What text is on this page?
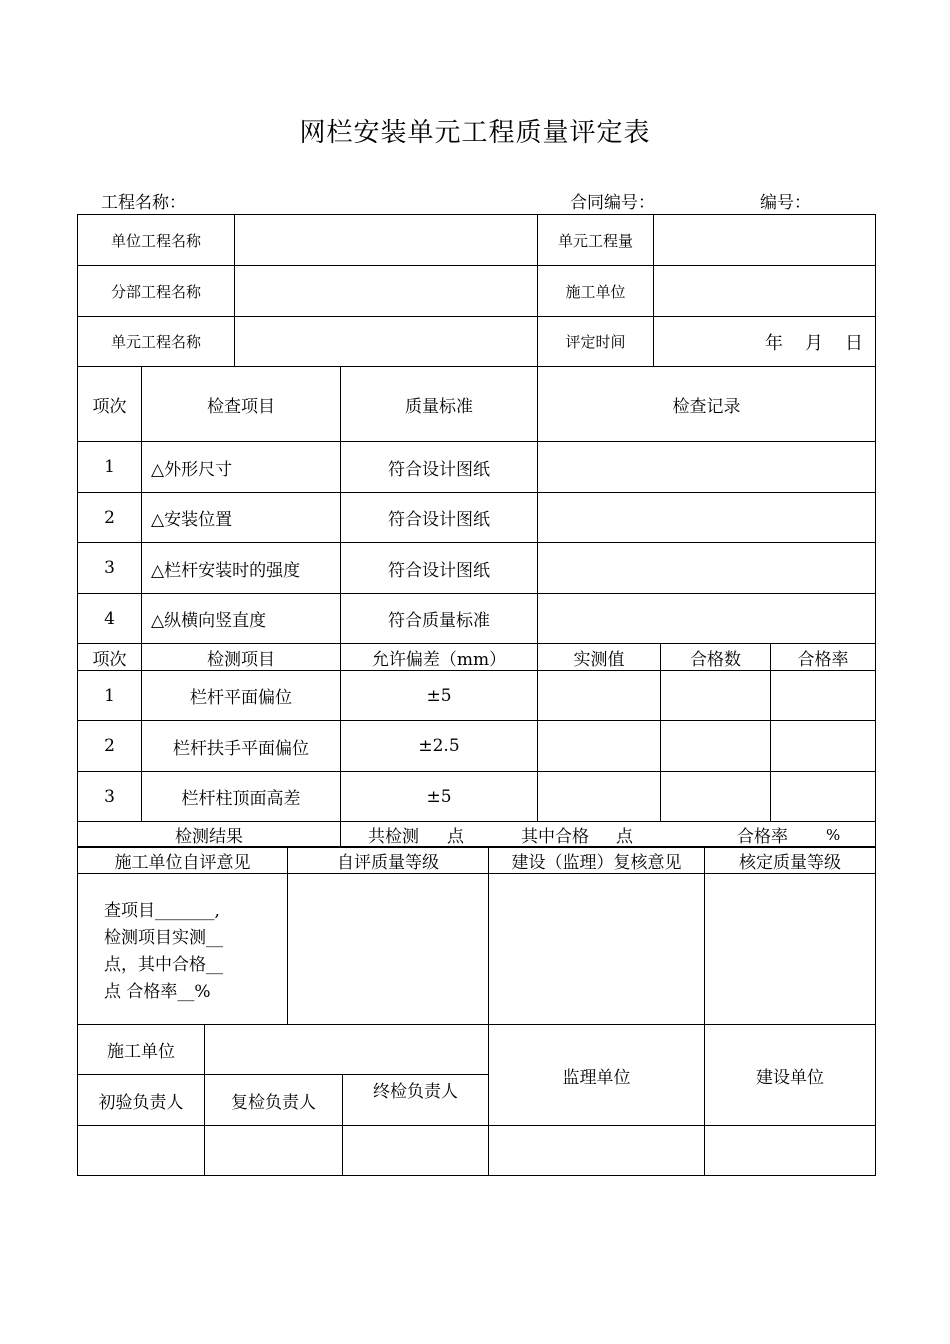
网栏安装单元工程质量评定表
工程名称：	合同编号：	编号：
单位工程名称		单元工程量	
分部工程名称		施工单位	
单元工程名称		评定时间	年 月 日
项次	检查项目	质量标准	检查记录
1	△外形尺寸	符合设计图纸	
2	△安装位置	符合设计图纸	
3	△栏杆安装时的强度	符合设计图纸	
4	△纵横向竖直度	符合质量标准	
项次	检测项目	允许偏差（mm）	实测值	合格数	合格率
1	栏杆平面偏位	±5			
2	栏杆扶手平面偏位	±2.5			
3	栏杆柱顶面高差	±5			
检测结果	共检测 点	其中合格 点	合格率	%
施工单位自评意见		自评质量等级		建设（监理）复核意见	核定质量等级

查项目_______,
检测项目实测__
点，其中合格__
点 合格率__%					

施工单位				监理单位	建设单位
初验负责人	复检负责人		终检负责人		
